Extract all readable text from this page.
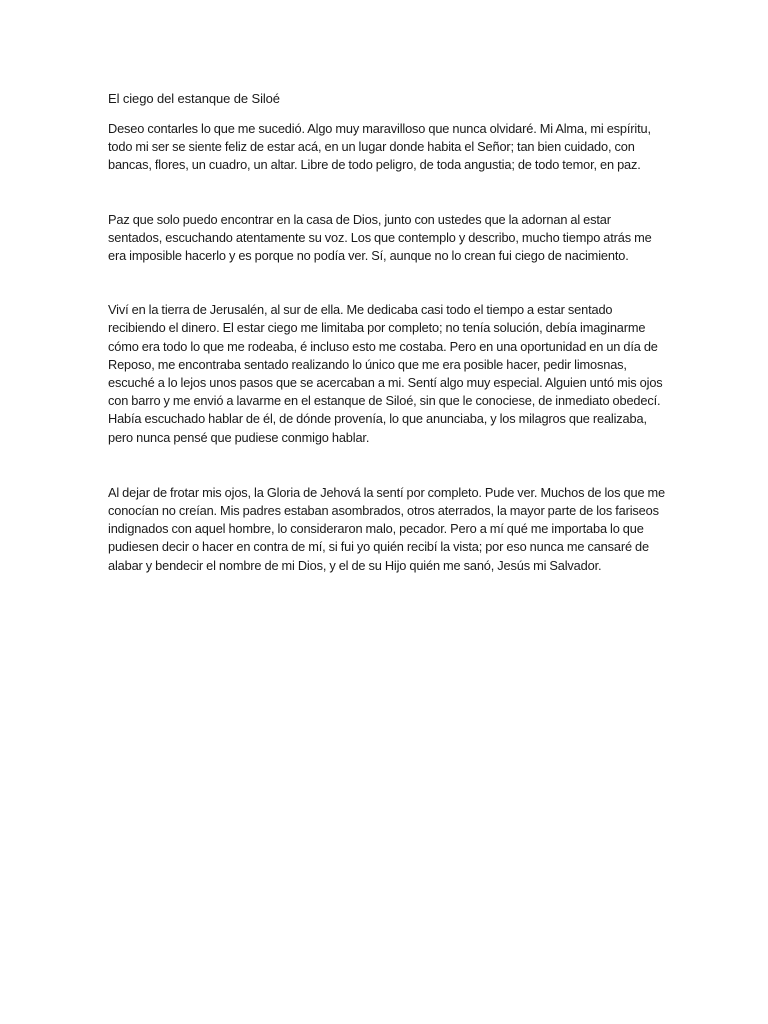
El ciego del estanque de Siloé

Deseo contarles lo que me sucedió. Algo muy maravilloso que nunca olvidaré. Mi Alma, mi espíritu, todo mi ser se siente feliz de estar acá, en un lugar donde habita el Señor; tan bien cuidado, con bancas, flores, un cuadro, un altar. Libre de todo peligro, de toda angustia; de todo temor, en paz.

Paz que solo puedo encontrar en la casa de Dios, junto con ustedes que la adornan al estar sentados, escuchando atentamente su voz. Los que contemplo y describo, mucho tiempo atrás me era imposible hacerlo y es porque no podía ver. Sí, aunque no lo crean fui ciego de nacimiento.

Viví en la tierra de Jerusalén, al sur de ella. Me dedicaba casi todo el tiempo a estar sentado recibiendo el dinero. El estar ciego me limitaba por completo; no tenía solución, debía imaginarme cómo era todo lo que me rodeaba, é incluso esto me costaba. Pero en una oportunidad en un día de Reposo, me encontraba sentado realizando lo único que me era posible hacer, pedir limosnas, escuché a lo lejos unos pasos que se acercaban a mi. Sentí algo muy especial. Alguien untó mis ojos con barro y me envió a lavarme en el estanque de Siloé, sin que le conociese, de inmediato obedecí. Había escuchado hablar de él, de dónde provenía, lo que anunciaba, y los milagros que realizaba, pero nunca pensé que pudiese conmigo hablar.

Al dejar de frotar mis ojos, la Gloria de Jehová la sentí por completo. Pude ver. Muchos de los que me conocían no creían. Mis padres estaban asombrados, otros aterrados, la mayor parte de los fariseos indignados con aquel hombre, lo consideraron malo, pecador. Pero a mí qué me importaba lo que pudiesen decir o hacer en contra de mí, si fui yo quién recibí la vista; por eso nunca me cansaré de alabar y bendecir el nombre de mi Dios, y el de su Hijo quién me sanó, Jesús mi Salvador.
